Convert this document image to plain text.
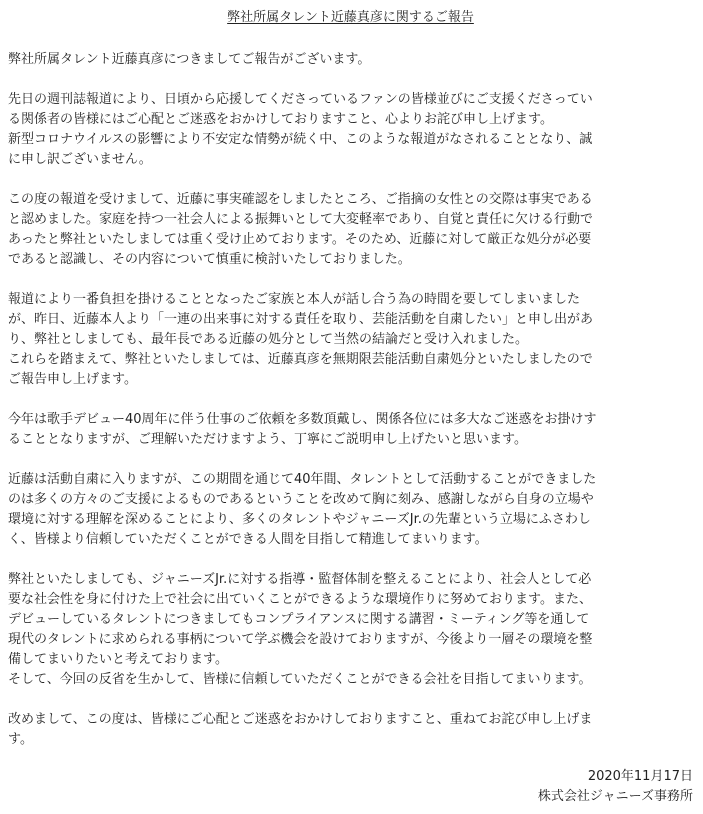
弊社所属タレント近藤真彦に関するご報告

弊社所属タレント近藤真彦につきましてご報告がございます。

先日の週刊誌報道により、日頃から応援してくださっているファンの皆様並びにご支援くださってい
る関係者の皆様にはご心配とご迷惑をおかけしておりますこと、心よりお詫び申し上げます。
新型コロナウイルスの影響により不安定な情勢が続く中、このような報道がなされることとなり、誠
に申し訳ございません。

この度の報道を受けまして、近藤に事実確認をしましたところ、ご指摘の女性との交際は事実である
と認めました。家庭を持つ一社会人による振舞いとして大変軽率であり、自覚と責任に欠ける行動で
あったと弊社といたしましては重く受け止めております。そのため、近藤に対して厳正な処分が必要
であると認識し、その内容について慎重に検討いたしておりました。

報道により一番負担を掛けることとなったご家族と本人が話し合う為の時間を要してしまいました
が、昨日、近藤本人より「一連の出来事に対する責任を取り、芸能活動を自粛したい」と申し出があ
り、弊社としましても、最年長である近藤の処分として当然の結論だと受け入れました。
これらを踏まえて、弊社といたしましては、近藤真彦を無期限芸能活動自粛処分といたしましたので
ご報告申し上げます。

今年は歌手デビュー40周年に伴う仕事のご依頼を多数頂戴し、関係各位には多大なご迷惑をお掛けす
ることとなりますが、ご理解いただけますよう、丁寧にご説明申し上げたいと思います。

近藤は活動自粛に入りますが、この期間を通じて40年間、タレントとして活動することができました
のは多くの方々のご支援によるものであるということを改めて胸に刻み、感謝しながら自身の立場や
環境に対する理解を深めることにより、多くのタレントやジャニーズJr.の先輩という立場にふさわし
く、皆様より信頼していただくことができる人間を目指して精進してまいります。

弊社といたしましても、ジャニーズJr.に対する指導・監督体制を整えることにより、社会人として必
要な社会性を身に付けた上で社会に出ていくことができるような環境作りに努めております。また、
デビューしているタレントにつきましてもコンプライアンスに関する講習・ミーティング等を通して
現代のタレントに求められる事柄について学ぶ機会を設けておりますが、今後より一層その環境を整
備してまいりたいと考えております。
そして、今回の反省を生かして、皆様に信頼していただくことができる会社を目指してまいります。

改めまして、この度は、皆様にご心配とご迷惑をおかけしておりますこと、重ねてお詫び申し上げま
す。

2020年11月17日
株式会社ジャニーズ事務所
